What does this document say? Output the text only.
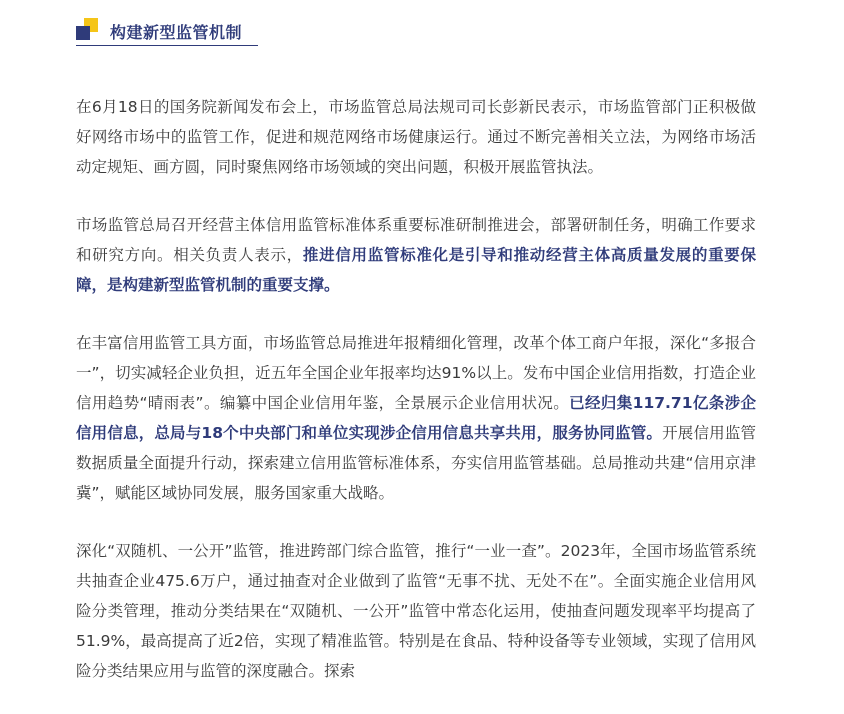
构建新型监管机制

在6月18日的国务院新闻发布会上，市场监管总局法规司司长彭新民表示，市场监管部门正积极做好网络市场中的监管工作，促进和规范网络市场健康运行。通过不断完善相关立法，为网络市场活动定规矩、画方圆，同时聚焦网络市场领域的突出问题，积极开展监管执法。

市场监管总局召开经营主体信用监管标准体系重要标准研制推进会，部署研制任务，明确工作要求和研究方向。相关负责人表示，推进信用监管标准化是引导和推动经营主体高质量发展的重要保障，是构建新型监管机制的重要支撑。

在丰富信用监管工具方面，市场监管总局推进年报精细化管理，改革个体工商户年报，深化“多报合一”，切实减轻企业负担，近五年全国企业年报率均达91%以上。发布中国企业信用指数，打造企业信用趋势“晴雨表”。编纂中国企业信用年鉴，全景展示企业信用状况。已经归集117.71亿条涉企信用信息，总局与18个中央部门和单位实现涉企信用信息共享共用，服务协同监管。开展信用监管数据质量全面提升行动，探索建立信用监管标准体系，夯实信用监管基础。总局推动共建“信用京津冀”，赋能区域协同发展，服务国家重大战略。

深化“双随机、一公开”监管，推进跨部门综合监管，推行“一业一查”。2023年，全国市场监管系统共抽查企业475.6万户，通过抽查对企业做到了监管“无事不扰、无处不在”。全面实施企业信用风险分类管理，推动分类结果在“双随机、一公开”监管中常态化运用，使抽查问题发现率平均提高了51.9%，最高提高了近2倍，实现了精准监管。特别是在食品、特种设备等专业领域，实现了信用风险分类结果应用与监管的深度融合。探索
